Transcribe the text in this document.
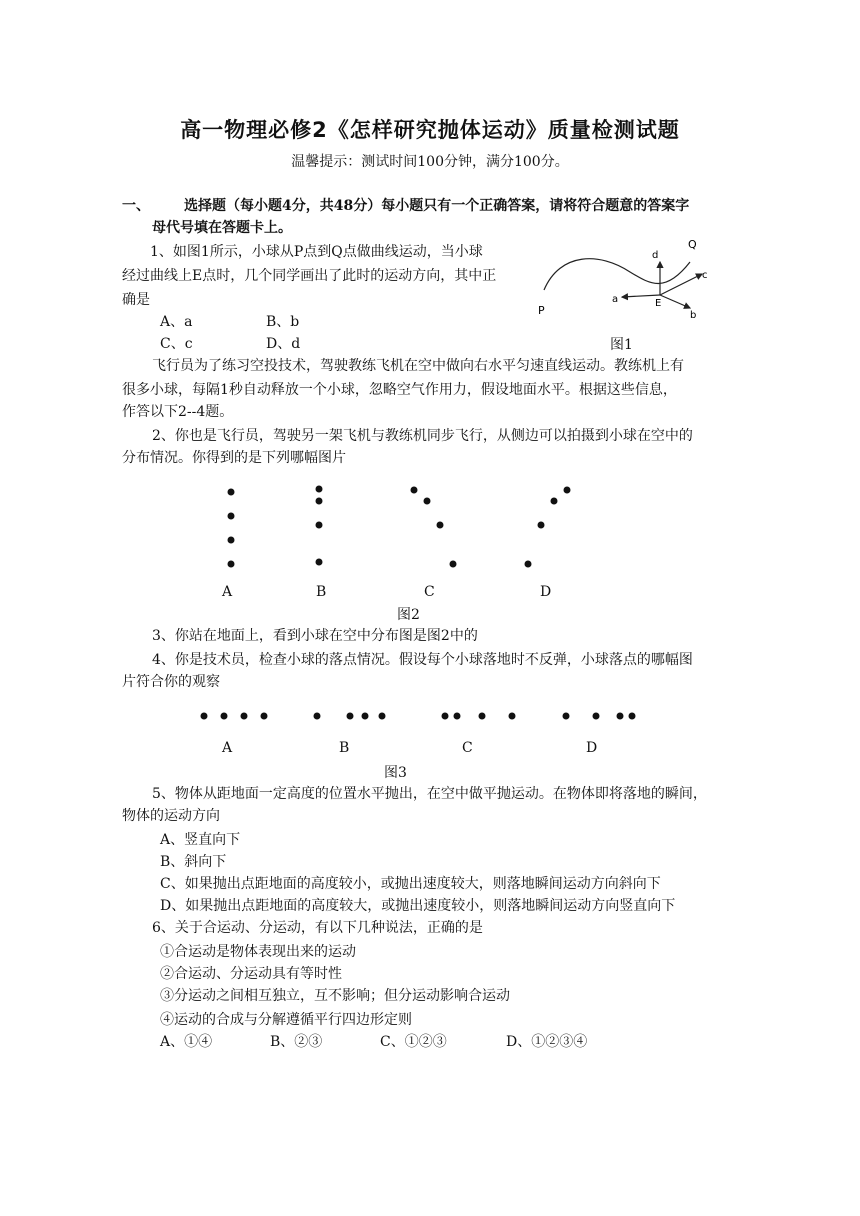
高一物理必修2《怎样研究抛体运动》质量检测试题
温馨提示：测试时间100分钟，满分100分。
一、 选择题（每小题4分，共48分）每小题只有一个正确答案，请将符合题意的答案字
母代号填在答题卡上。
1、如图1所示，小球从P点到Q点做曲线运动，当小球
经过曲线上E点时，几个同学画出了此时的运动方向，其中正
确是
A、a	B、b
C、c	D、d
P
Q
E
a
b
c
d
图1
飞行员为了练习空投技术，驾驶教练飞机在空中做向右水平匀速直线运动。教练机上有
很多小球，每隔1秒自动释放一个小球，忽略空气作用力，假设地面水平。根据这些信息，
作答以下2--4题。
2、你也是飞行员，驾驶另一架飞机与教练机同步飞行，从侧边可以拍摄到小球在空中的
分布情况。你得到的是下列哪幅图片
A	B	C	D
图2
3、你站在地面上，看到小球在空中分布图是图2中的
4、你是技术员，检查小球的落点情况。假设每个小球落地时不反弹，小球落点的哪幅图
片符合你的观察
A	B	C	D
图3
5、物体从距地面一定高度的位置水平抛出，在空中做平抛运动。在物体即将落地的瞬间，
物体的运动方向
A、竖直向下
B、斜向下
C、如果抛出点距地面的高度较小，或抛出速度较大，则落地瞬间运动方向斜向下
D、如果抛出点距地面的高度较大，或抛出速度较小，则落地瞬间运动方向竖直向下
6、关于合运动、分运动，有以下几种说法，正确的是
①合运动是物体表现出来的运动
②合运动、分运动具有等时性
③分运动之间相互独立，互不影响；但分运动影响合运动
④运动的合成与分解遵循平行四边形定则
A、①④	B、②③	C、①②③	D、①②③④
